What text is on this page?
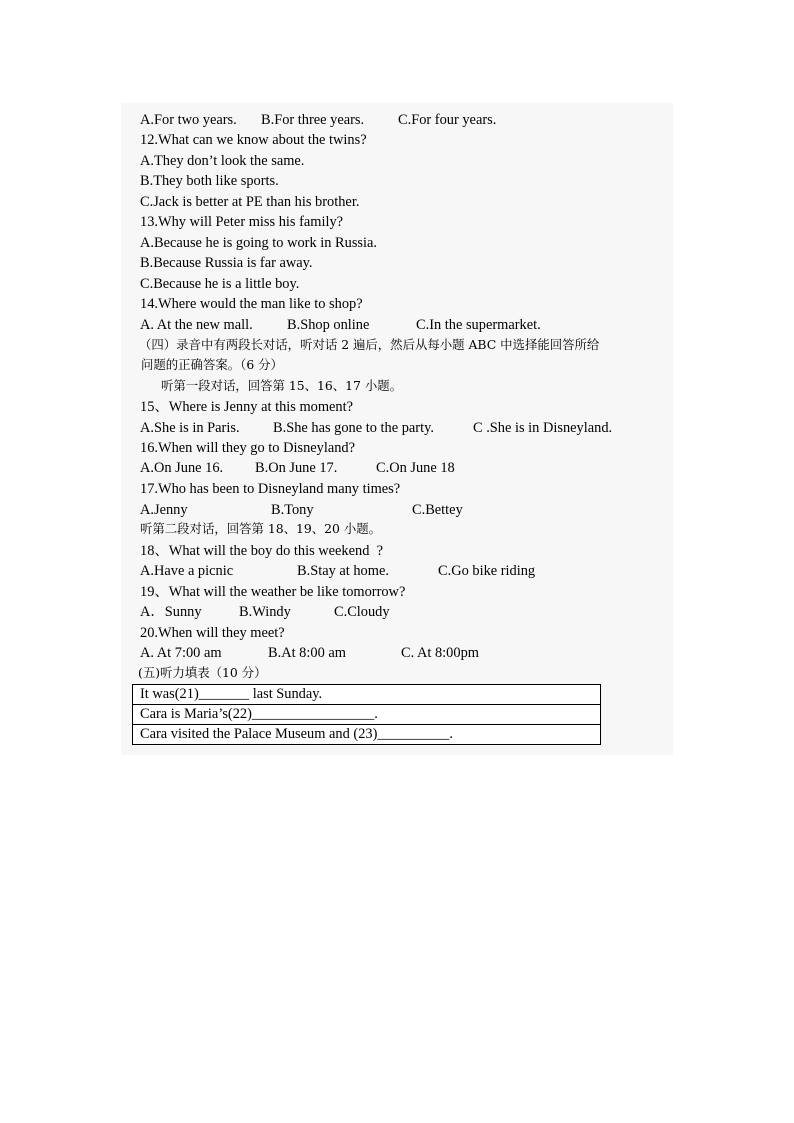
A.For two years. B.For three years. C.For four years.
12.What can we know about the twins?
A.They don’t look the same.
B.They both like sports.
C.Jack is better at PE than his brother.
13.Why will Peter miss his family?
A.Because he is going to work in Russia.
B.Because Russia is far away.
C.Because he is a little boy.
14.Where would the man like to shop?
A. At the new mall. B.Shop online	C.In the supermarket.
（四）录音中有两段长对话，听对话 2 遍后，然后从每小题 ABC 中选择能回答所给
问题的正确答案。（6 分）
听第一段对话，回答第 15、16、17 小题。
15、Where is Jenny at this moment?
A.She is in Paris. B.She has gone to the party.	C .She is in Disneyland.
16.When will they go to Disneyland?
A.On June 16. B.On June 17.	C.On June 18
17.Who has been to Disneyland many times?
A.Jenny	B.Tony	C.Bettey
听第二段对话，回答第 18、19、20 小题。
18、What will the boy do this weekend  ?
A.Have a picnic	B.Stay at home.	C.Go bike riding
19、What will the weather be like tomorrow?
A．Sunny	B.Windy	C.Cloudy
20.When will they meet?
A. At 7:00 am	B.At 8:00 am	C. At 8:00pm
(五)听力填表（10 分）
It was(21)_______ last Sunday.
Cara is Maria’s(22)_________________.
Cara visited the Palace Museum and (23)__________.
